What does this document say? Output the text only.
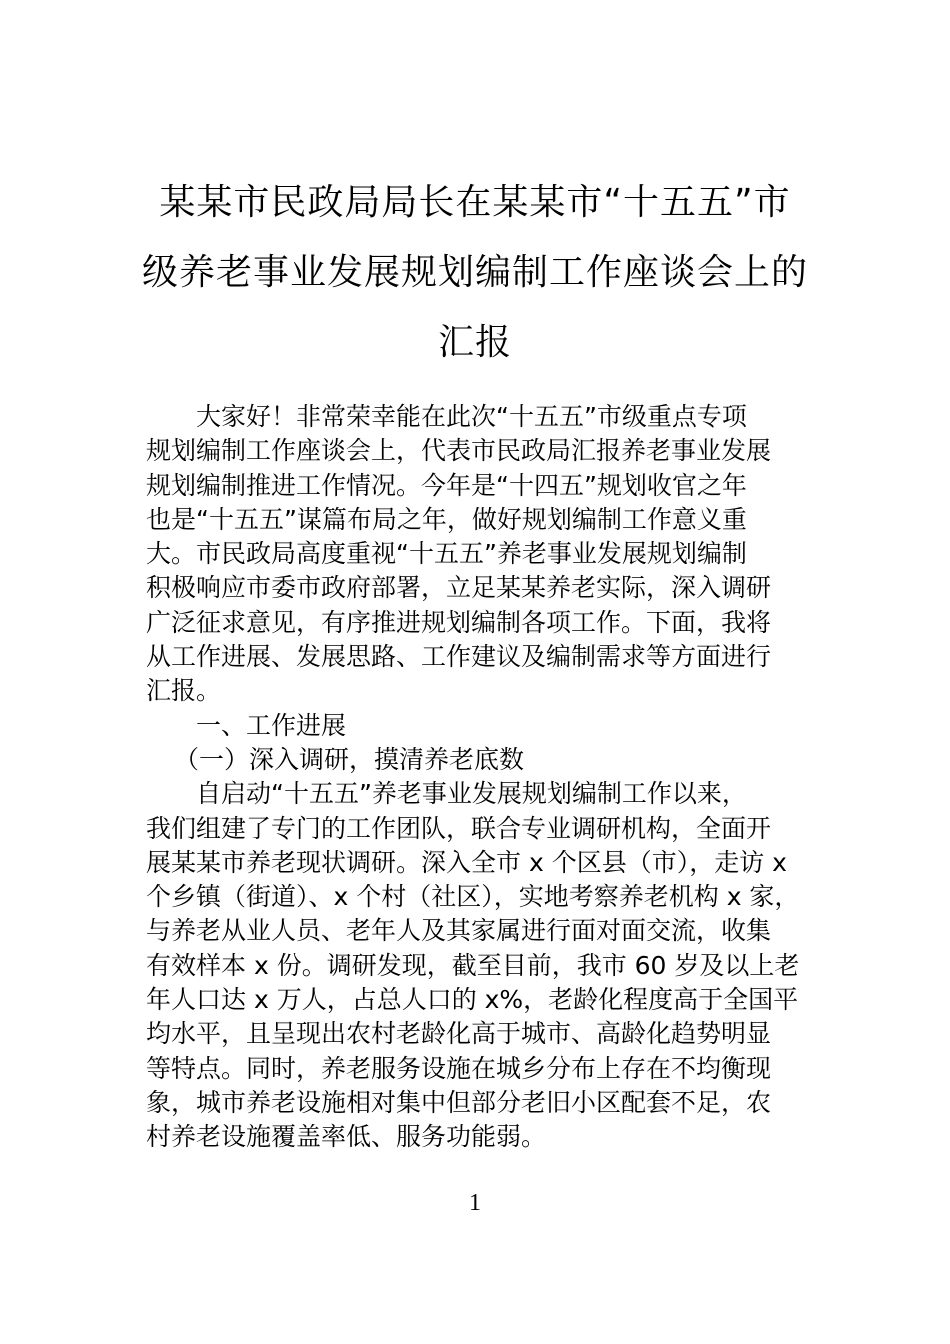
某某市民政局局长在某某市“十五五”市
级养老事业发展规划编制工作座谈会上的
汇报

大家好！非常荣幸能在此次“十五五”市级重点专项
规划编制工作座谈会上，代表市民政局汇报养老事业发展
规划编制推进工作情况。今年是“十四五”规划收官之年
也是“十五五”谋篇布局之年，做好规划编制工作意义重
大。市民政局高度重视“十五五”养老事业发展规划编制
积极响应市委市政府部署，立足某某养老实际，深入调研
广泛征求意见，有序推进规划编制各项工作。下面，我将
从工作进展、发展思路、工作建议及编制需求等方面进行
汇报。

一、工作进展

（一）深入调研，摸清养老底数

自启动“十五五”养老事业发展规划编制工作以来，
我们组建了专门的工作团队，联合专业调研机构，全面开
展某某市养老现状调研。深入全市 x 个区县（市），走访 x
个乡镇（街道）、x 个村（社区），实地考察养老机构 x 家，
与养老从业人员、老年人及其家属进行面对面交流，收集
有效样本 x 份。调研发现，截至目前，我市 60 岁及以上老
年人口达 x 万人，占总人口的 x%，老龄化程度高于全国平
均水平，且呈现出农村老龄化高于城市、高龄化趋势明显
等特点。同时，养老服务设施在城乡分布上存在不均衡现
象，城市养老设施相对集中但部分老旧小区配套不足，农
村养老设施覆盖率低、服务功能弱。

1
